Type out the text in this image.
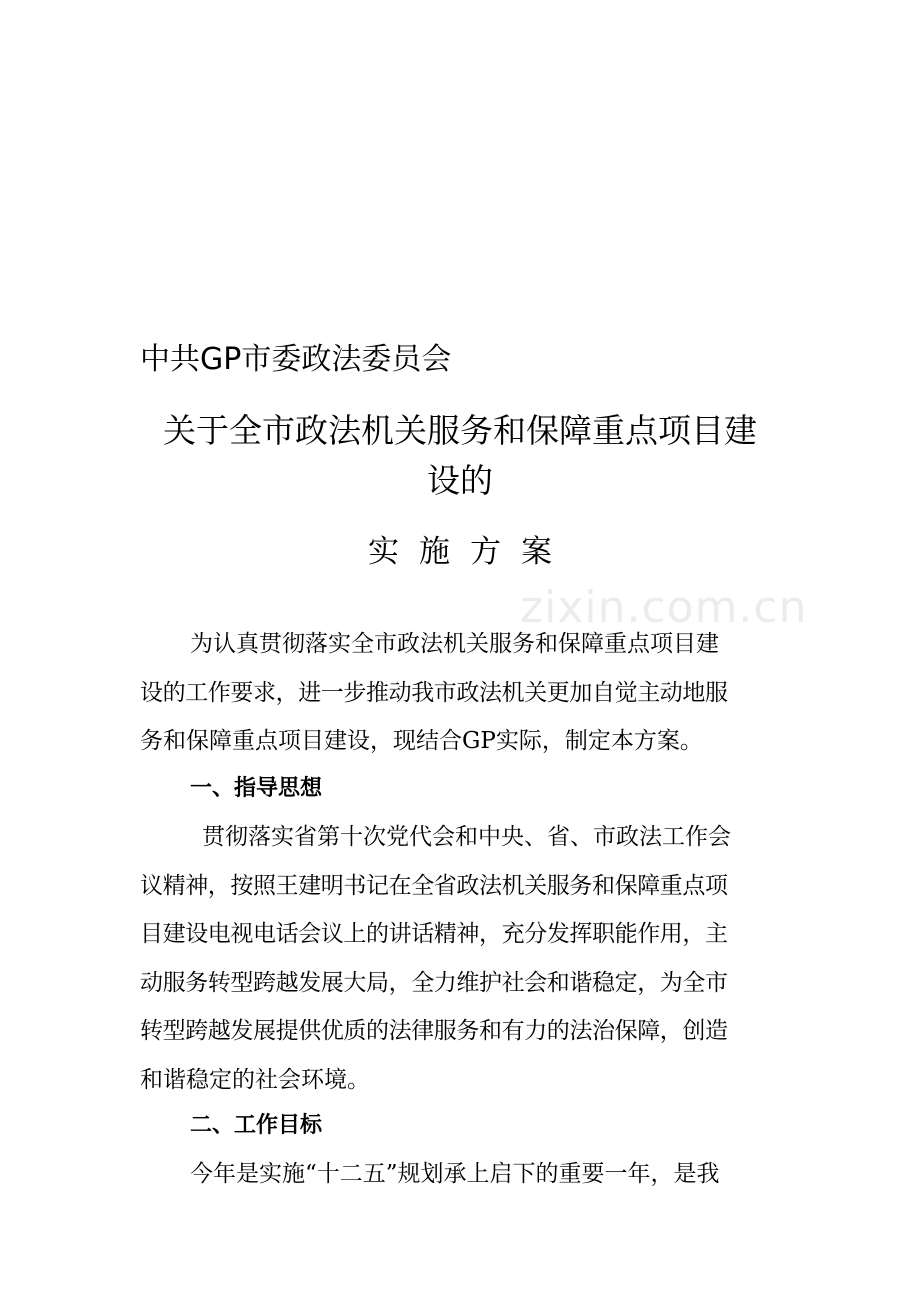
zixin.com.cn
中共GP市委政法委员会
关于全市政法机关服务和保障重点项目建
设的
实施方案
为认真贯彻落实全市政法机关服务和保障重点项目建
设的工作要求，进一步推动我市政法机关更加自觉主动地服
务和保障重点项目建设，现结合GP实际，制定本方案。
一、指导思想
贯彻落实省第十次党代会和中央、省、市政法工作会
议精神，按照王建明书记在全省政法机关服务和保障重点项
目建设电视电话会议上的讲话精神，充分发挥职能作用，主
动服务转型跨越发展大局，全力维护社会和谐稳定，为全市
转型跨越发展提供优质的法律服务和有力的法治保障，创造
和谐稳定的社会环境。
二、工作目标
今年是实施“十二五”规划承上启下的重要一年，是我
